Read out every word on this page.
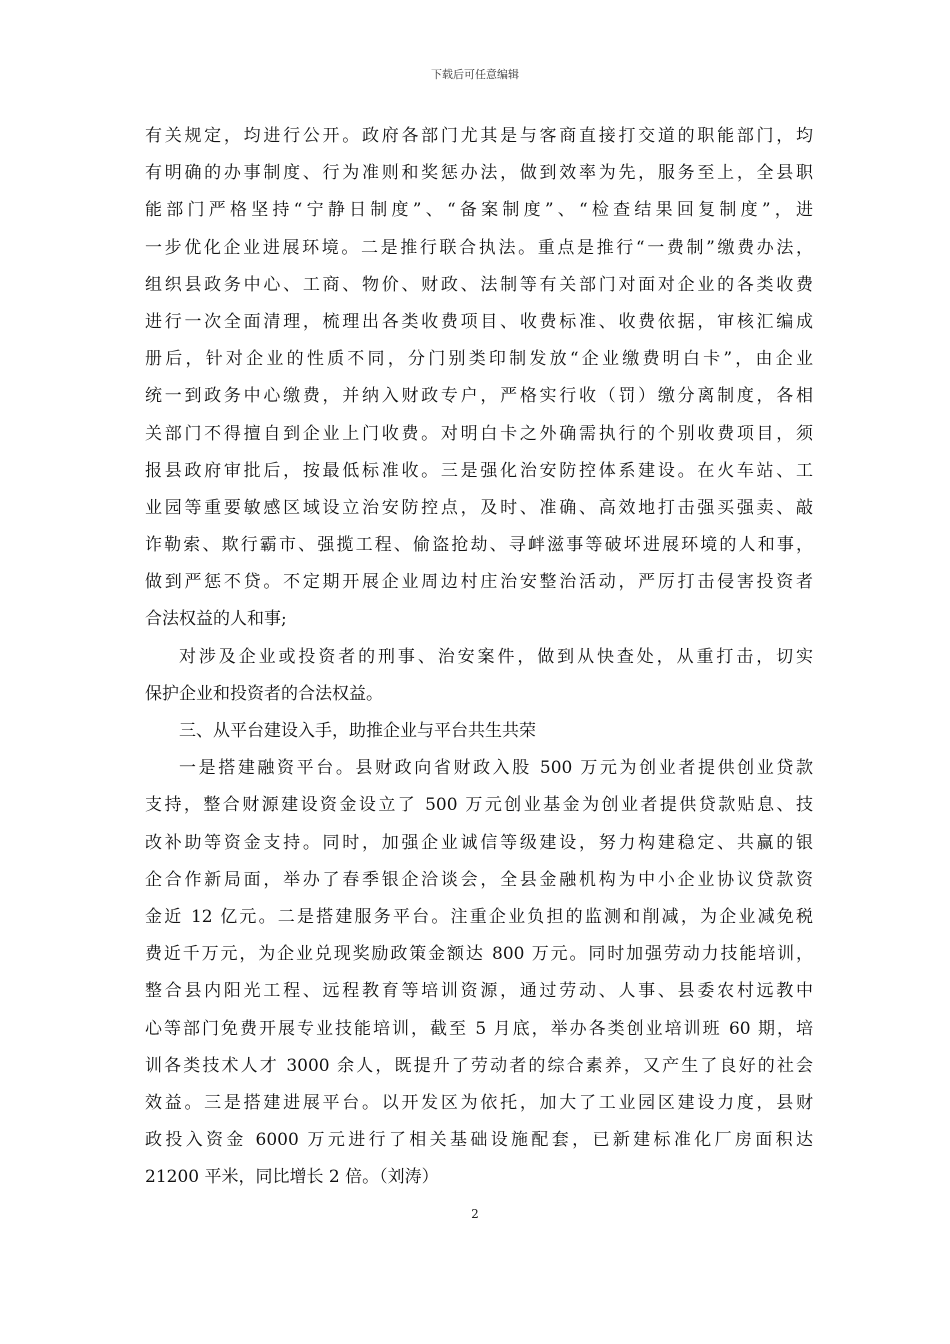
下载后可任意编辑
有关规定，均进行公开。政府各部门尤其是与客商直接打交道的职能部门，均
有明确的办事制度、行为准则和奖惩办法，做到效率为先，服务至上，全县职
能部门严格坚持“宁静日制度”、“备案制度”、“检查结果回复制度”，进
一步优化企业进展环境。二是推行联合执法。重点是推行“一费制”缴费办法，
组织县政务中心、工商、物价、财政、法制等有关部门对面对企业的各类收费
进行一次全面清理，梳理出各类收费项目、收费标准、收费依据，审核汇编成
册后，针对企业的性质不同，分门别类印制发放“企业缴费明白卡”，由企业
统一到政务中心缴费，并纳入财政专户，严格实行收（罚）缴分离制度，各相
关部门不得擅自到企业上门收费。对明白卡之外确需执行的个别收费项目，须
报县政府审批后，按最低标准收。三是强化治安防控体系建设。在火车站、工
业园等重要敏感区域设立治安防控点，及时、准确、高效地打击强买强卖、敲
诈勒索、欺行霸市、强揽工程、偷盗抢劫、寻衅滋事等破坏进展环境的人和事，
做到严惩不贷。不定期开展企业周边村庄治安整治活动，严厉打击侵害投资者
合法权益的人和事;
对涉及企业或投资者的刑事、治安案件，做到从快查处，从重打击，切实
保护企业和投资者的合法权益。
三、从平台建设入手，助推企业与平台共生共荣
一是搭建融资平台。县财政向省财政入股 500 万元为创业者提供创业贷款
支持，整合财源建设资金设立了 500 万元创业基金为创业者提供贷款贴息、技
改补助等资金支持。同时，加强企业诚信等级建设，努力构建稳定、共赢的银
企合作新局面，举办了春季银企洽谈会，全县金融机构为中小企业协议贷款资
金近 12 亿元。二是搭建服务平台。注重企业负担的监测和削减，为企业减免税
费近千万元，为企业兑现奖励政策金额达 800 万元。同时加强劳动力技能培训，
整合县内阳光工程、远程教育等培训资源，通过劳动、人事、县委农村远教中
心等部门免费开展专业技能培训，截至 5 月底，举办各类创业培训班 60 期，培
训各类技术人才 3000 余人，既提升了劳动者的综合素养，又产生了良好的社会
效益。三是搭建进展平台。以开发区为依托，加大了工业园区建设力度，县财
政投入资金 6000 万元进行了相关基础设施配套，已新建标准化厂房面积达
21200 平米，同比增长 2 倍。（刘涛）
2
